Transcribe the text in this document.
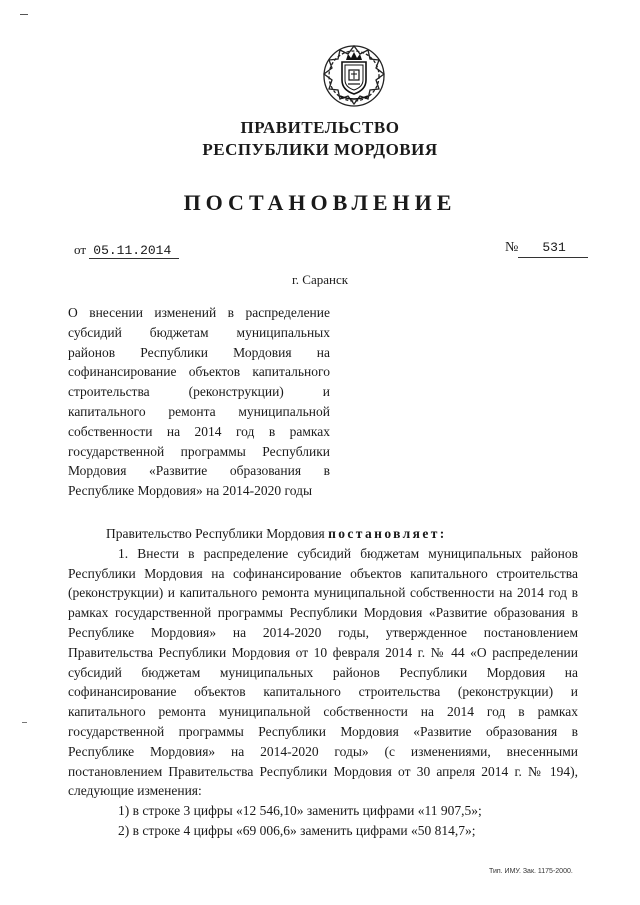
ПРАВИТЕЛЬСТВО
РЕСПУБЛИКИ МОРДОВИЯ
ПОСТАНОВЛЕНИЕ
от 05.11.2014	№ 531

г. Саранск

О внесении изменений в распределение субсидий бюджетам муниципальных районов Республики Мордовия на софинансирование объектов капитального строительства (реконструкции) и капитального ремонта муниципальной собственности на 2014 год в рамках государственной программы Республики Мордовия «Развитие образования в Республике Мордовия» на 2014-2020 годы

Правительство Республики Мордовия постановляет:

1. Внести в распределение субсидий бюджетам муниципальных районов Республики Мордовия на софинансирование объектов капитального строительства (реконструкции) и капитального ремонта муниципальной собственности на 2014 год в рамках государственной программы Республики Мордовия «Развитие образования в Республике Мордовия» на 2014-2020 годы, утвержденное постановлением Правительства Республики Мордовия от 10 февраля 2014 г. № 44 «О распределении субсидий бюджетам муниципальных районов Республики Мордовия на софинансирование объектов капитального строительства (реконструкции) и капитального ремонта муниципальной собственности на 2014 год в рамках государственной программы Республики Мордовия «Развитие образования в Республике Мордовия» на 2014-2020 годы» (с изменениями, внесенными постановлением Правительства Республики Мордовия от 30 апреля 2014 г. № 194), следующие изменения:

1) в строке 3 цифры «12 546,10» заменить цифрами «11 907,5»;

2) в строке 4 цифры «69 006,6» заменить цифрами «50 814,7»;

Тип. ИМУ. Зак. 1175-2000.
